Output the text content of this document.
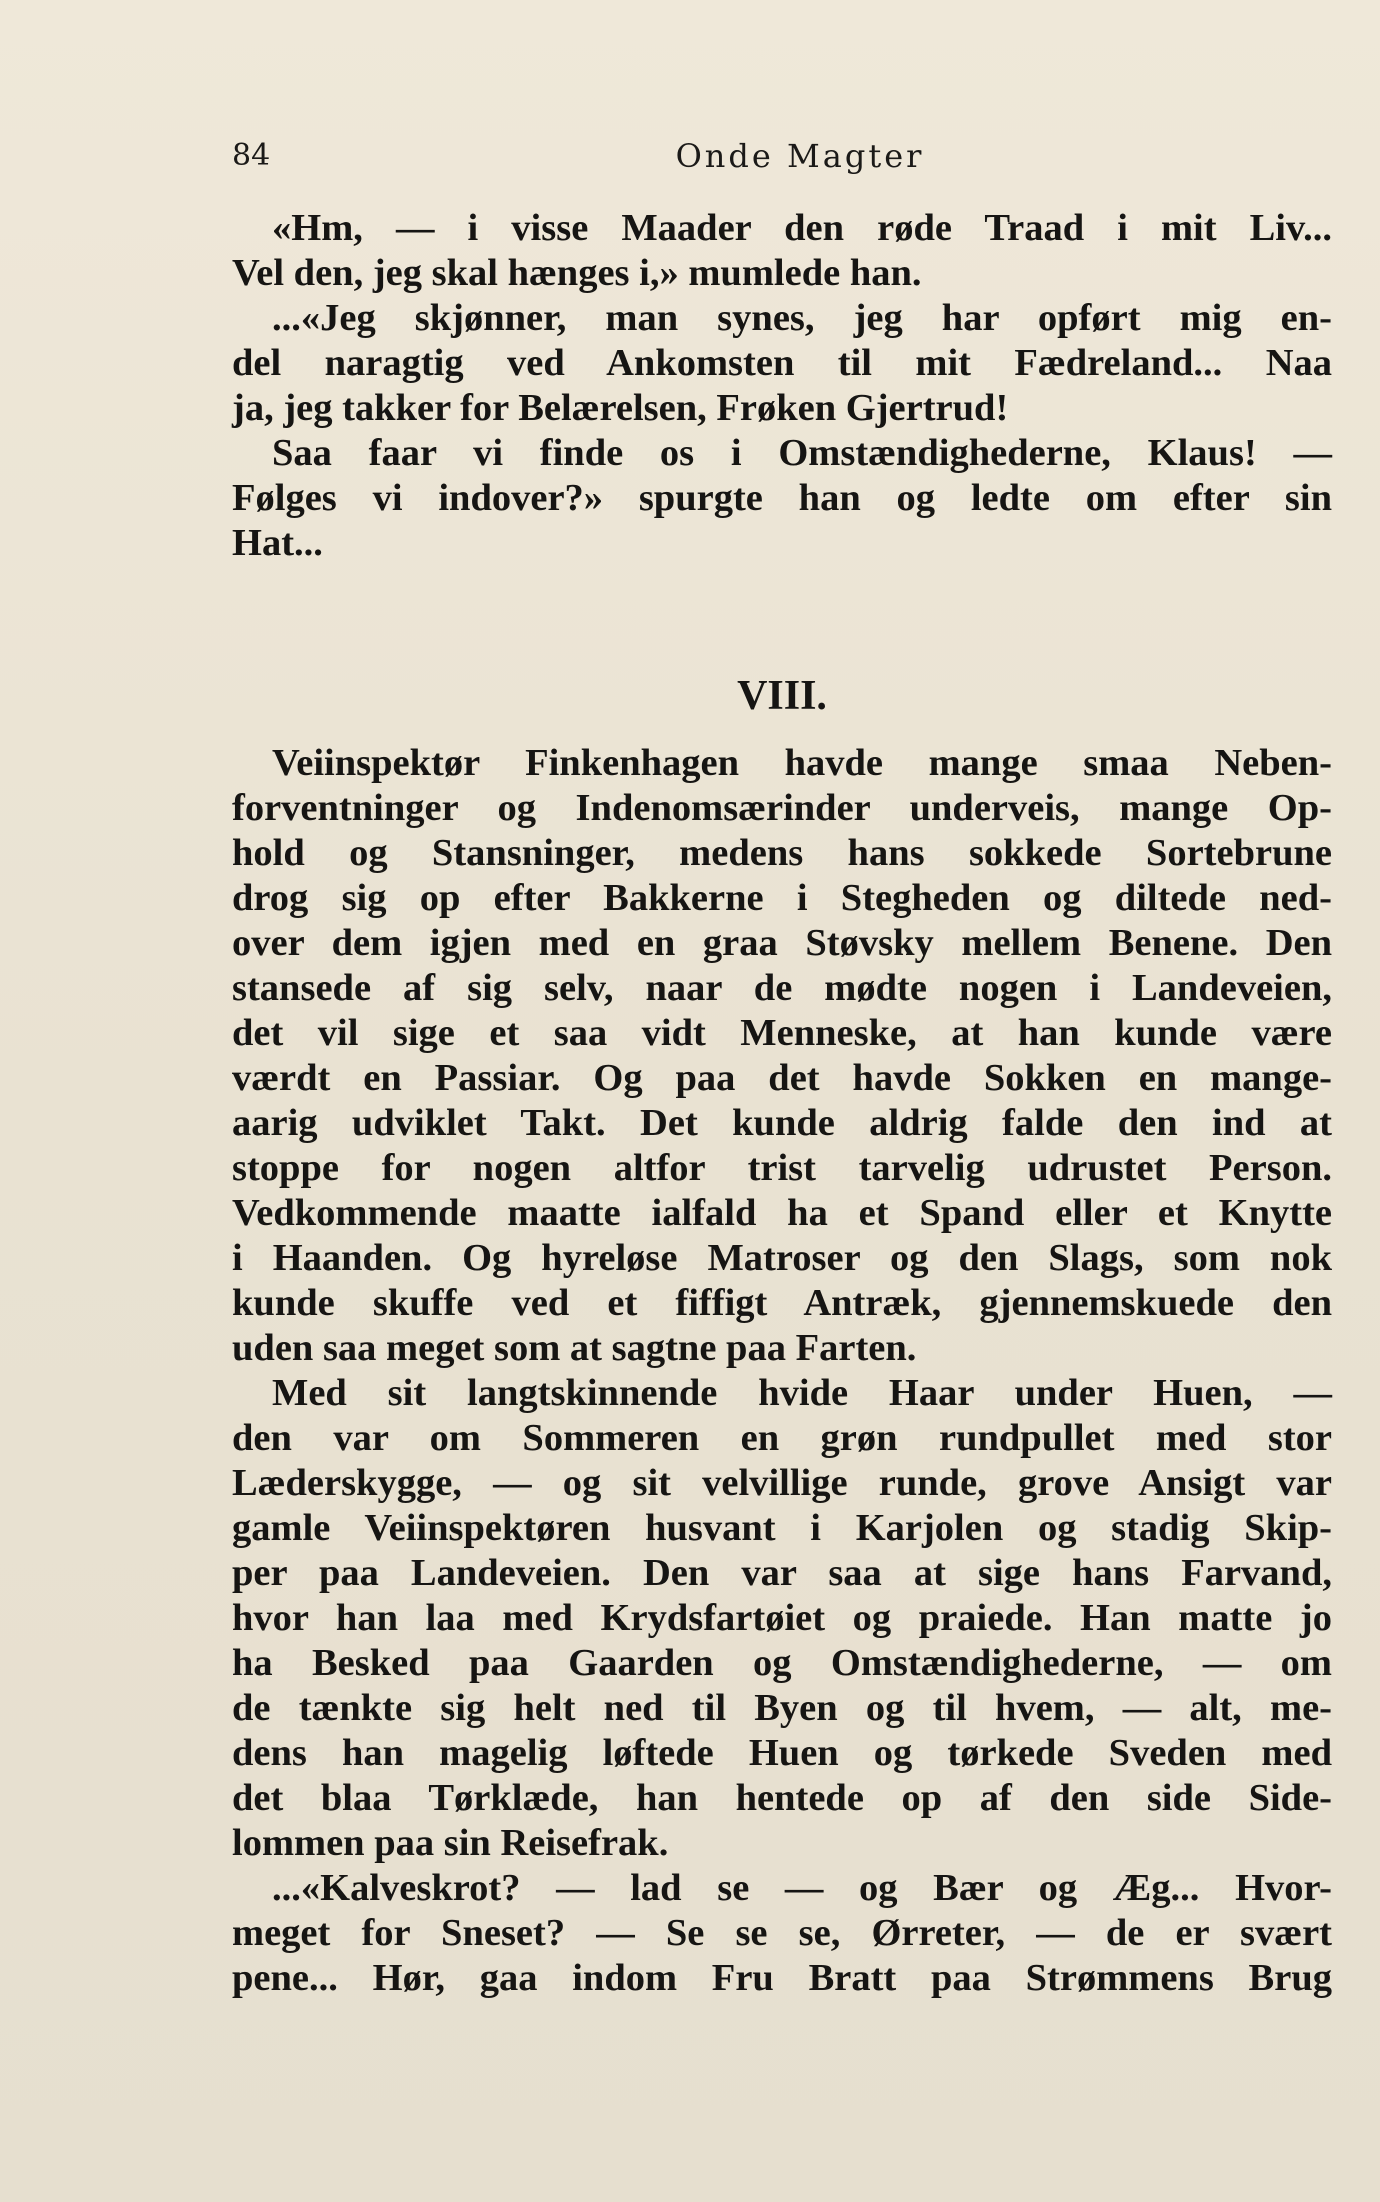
84	Onde Magter
«Hm, — i visse Maader den røde Traad i mit Liv...
Vel den, jeg skal hænges i,» mumlede han.
...«Jeg skjønner, man synes, jeg har opført mig en-
del naragtig ved Ankomsten til mit Fædreland... Naa
ja, jeg takker for Belærelsen, Frøken Gjertrud!
Saa faar vi finde os i Omstændighederne, Klaus! —
Følges vi indover?» spurgte han og ledte om efter sin
Hat...
VIII.
Veiinspektør Finkenhagen havde mange smaa Neben-
forventninger og Indenomsærinder underveis, mange Op-
hold og Stansninger, medens hans sokkede Sortebrune
drog sig op efter Bakkerne i Stegheden og diltede ned-
over dem igjen med en graa Støvsky mellem Benene. Den
stansede af sig selv, naar de mødte nogen i Landeveien,
det vil sige et saa vidt Menneske, at han kunde være
værdt en Passiar. Og paa det havde Sokken en mange-
aarig udviklet Takt. Det kunde aldrig falde den ind at
stoppe for nogen altfor trist tarvelig udrustet Person.
Vedkommende maatte ialfald ha et Spand eller et Knytte
i Haanden. Og hyreløse Matroser og den Slags, som nok
kunde skuffe ved et fiffigt Antræk, gjennemskuede den
uden saa meget som at sagtne paa Farten.
Med sit langtskinnende hvide Haar under Huen, —
den var om Sommeren en grøn rundpullet med stor
Læderskygge, — og sit velvillige runde, grove Ansigt var
gamle Veiinspektøren husvant i Karjolen og stadig Skip-
per paa Landeveien. Den var saa at sige hans Farvand,
hvor han laa med Krydsfartøiet og praiede. Han matte jo
ha Besked paa Gaarden og Omstændighederne, — om
de tænkte sig helt ned til Byen og til hvem, — alt, me-
dens han magelig løftede Huen og tørkede Sveden med
det blaa Tørklæde, han hentede op af den side Side-
lommen paa sin Reisefrak.
...«Kalveskrot? — lad se — og Bær og Æg... Hvor-
meget for Sneset? — Se se se, Ørreter, — de er svært
pene... Hør, gaa indom Fru Bratt paa Strømmens Brug
